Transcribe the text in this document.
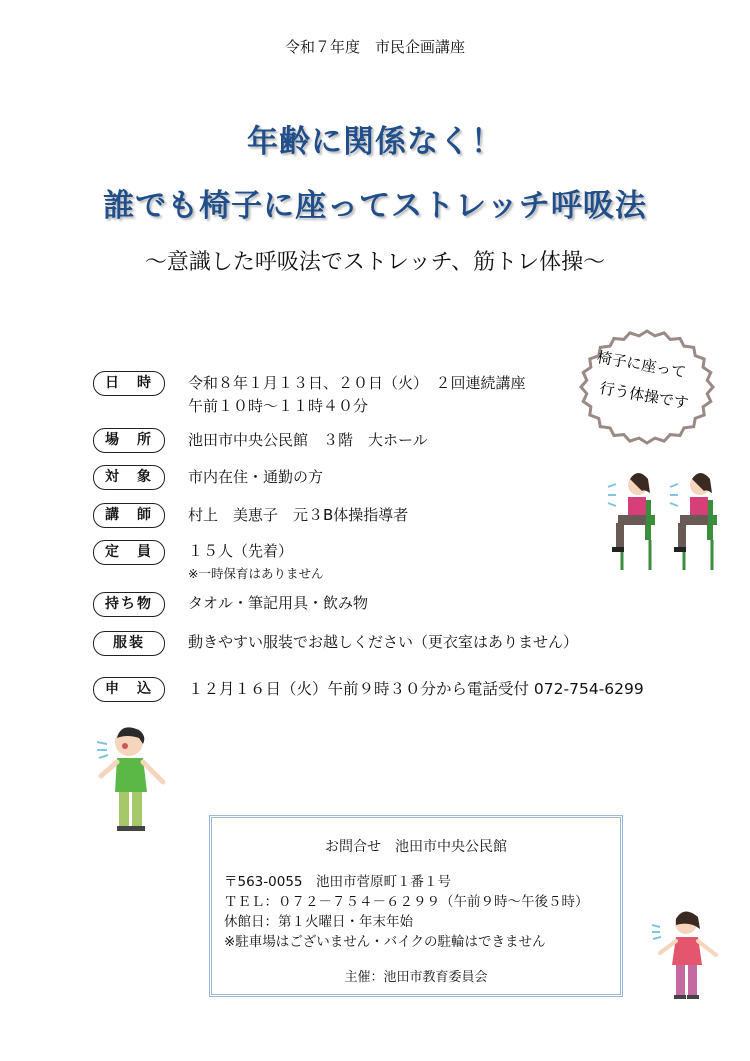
令和７年度　市民企画講座
年齢に関係なく！
誰でも椅子に座ってストレッチ呼吸法
～意識した呼吸法でストレッチ、筋トレ体操～
椅子に座って
行う体操です
日　時	令和８年１月１３日、２０日（火）　２回連続講座
午前１０時～１１時４０分
場　所	池田市中央公民館　３階　大ホール
対　象	市内在住・通勤の方
講　師	村上　美恵子　元３B体操指導者
定　員	１５人（先着）
※一時保育はありません
持ち物	タオル・筆記用具・飲み物
服装	動きやすい服装でお越しください（更衣室はありません）
申　込	１２月１６日（火）午前９時３０分から電話受付 072-754-6299
お問合せ　池田市中央公民館
〒563-0055　池田市菅原町１番１号
ＴＥＬ：０７２－７５４－６２９９（午前９時～午後５時）
休館日：第１火曜日・年末年始
※駐車場はございません・バイクの駐輪はできません
主催：池田市教育委員会
